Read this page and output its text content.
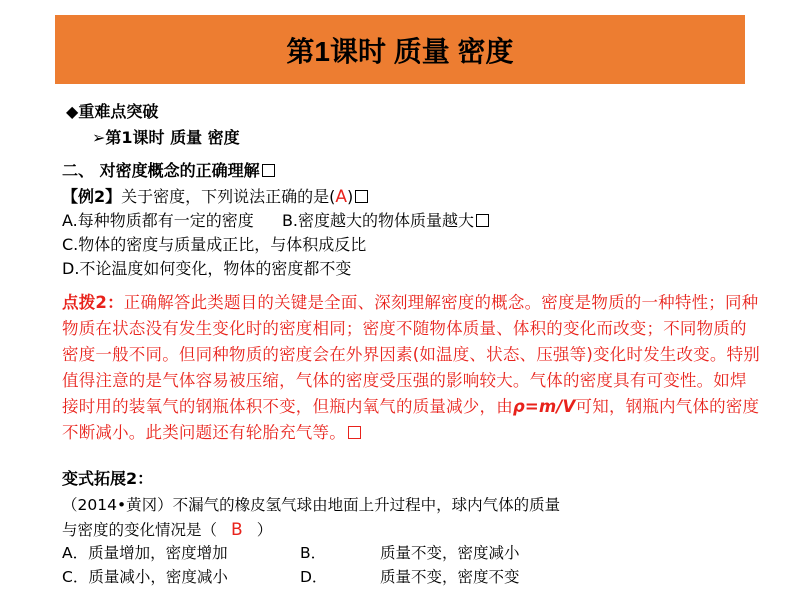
第1课时 质量 密度
◆重难点突破
➢第1课时 质量 密度
二、 对密度概念的正确理解
【例2】关于密度，下列说法正确的是(A)
A.每种物质都有一定的密度 B.密度越大的物体质量越大
C.物体的密度与质量成正比，与体积成反比
D.不论温度如何变化，物体的密度都不变
点拨2：正确解答此类题目的关键是全面、深刻理解密度的概念。密度是物质的一种特性；同种物质在状态没有发生变化时的密度相同；密度不随物体质量、体积的变化而改变；不同物质的密度一般不同。但同种物质的密度会在外界因素(如温度、状态、压强等)变化时发生改变。特别值得注意的是气体容易被压缩，气体的密度受压强的影响较大。气体的密度具有可变性。如焊接时用的装氧气的钢瓶体积不变，但瓶内氧气的质量减少，由ρ=m/V可知，钢瓶内气体的密度不断减小。此类问题还有轮胎充气等。
变式拓展2：
（2014•黄冈）不漏气的橡皮氢气球由地面上升过程中，球内气体的质量
与密度的变化情况是（ B ）
A．质量增加，密度增加	B．	质量不变，密度减小
C．质量减小，密度减小	D．	质量不变，密度不变
